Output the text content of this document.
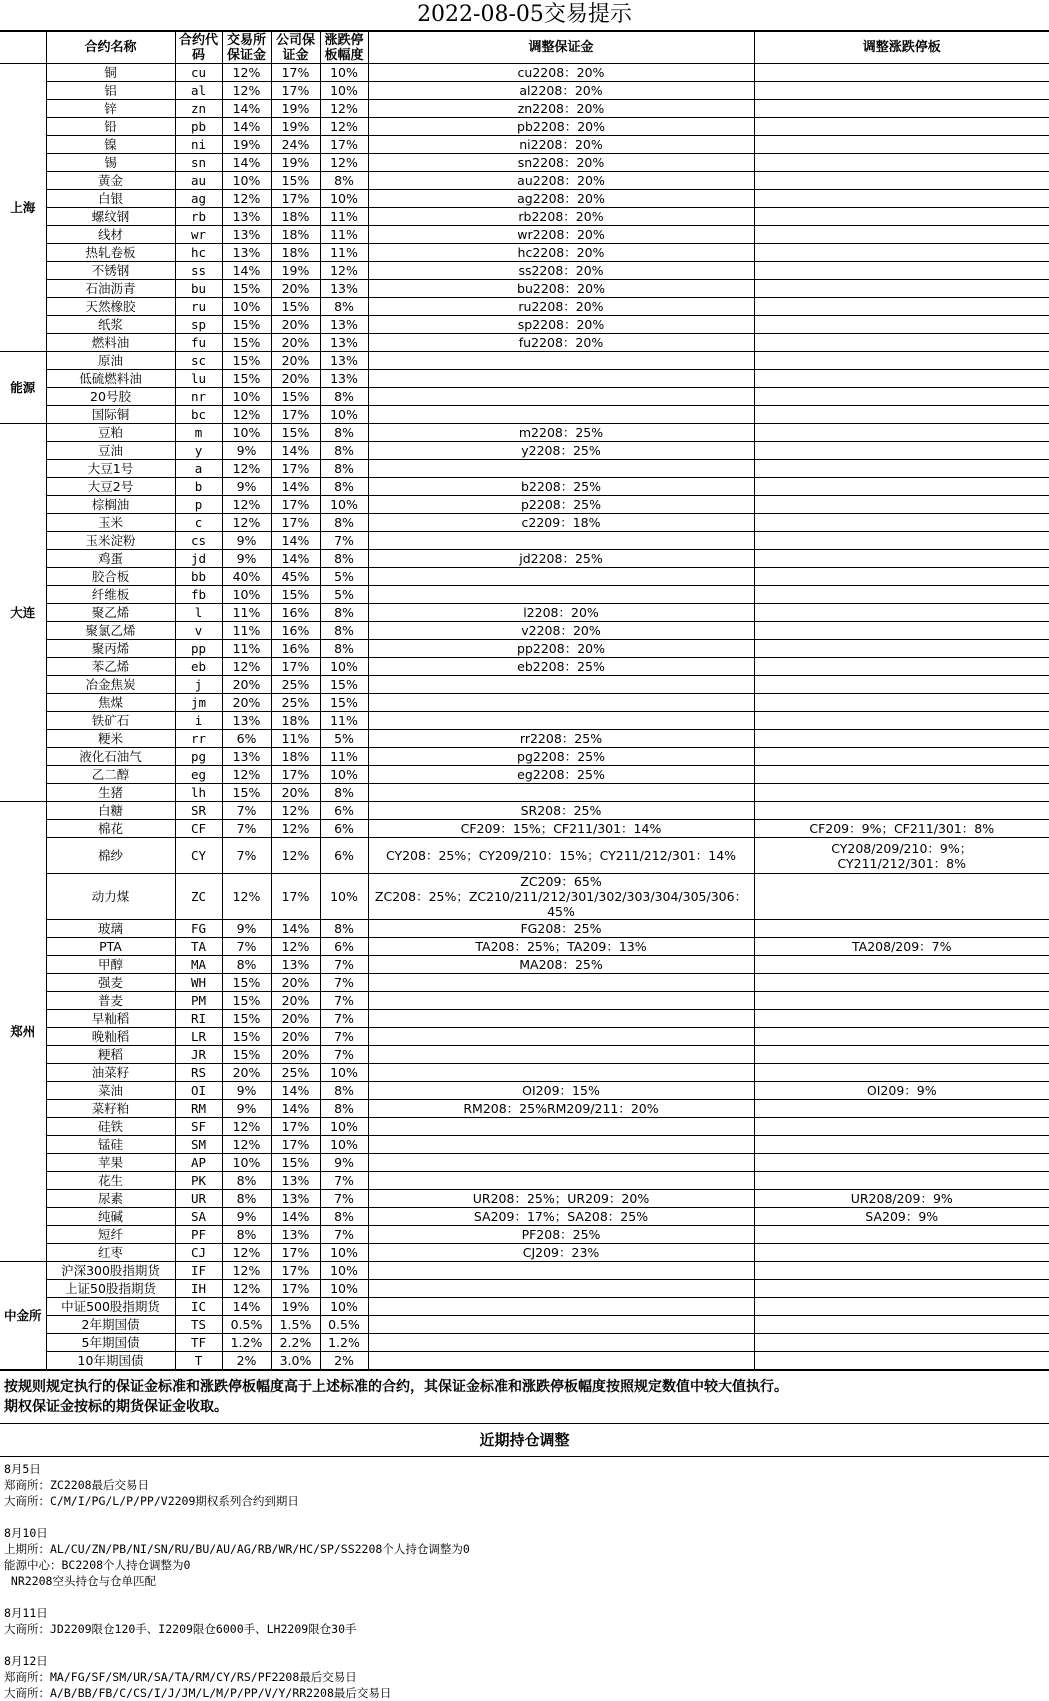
2022-08-05交易提示
	合约名称	合约代码	交易所保证金	公司保证金	涨跌停板幅度	调整保证金	调整涨跌停板
上海	铜	cu	12%	17%	10%	cu2208：20%	
	铝	al	12%	17%	10%	al2208：20%	
	锌	zn	14%	19%	12%	zn2208：20%	
	铅	pb	14%	19%	12%	pb2208：20%	
	镍	ni	19%	24%	17%	ni2208：20%	
	锡	sn	14%	19%	12%	sn2208：20%	
	黄金	au	10%	15%	8%	au2208：20%	
	白银	ag	12%	17%	10%	ag2208：20%	
	螺纹钢	rb	13%	18%	11%	rb2208：20%	
	线材	wr	13%	18%	11%	wr2208：20%	
	热轧卷板	hc	13%	18%	11%	hc2208：20%	
	不锈钢	ss	14%	19%	12%	ss2208：20%	
	石油沥青	bu	15%	20%	13%	bu2208：20%	
	天然橡胶	ru	10%	15%	8%	ru2208：20%	
	纸浆	sp	15%	20%	13%	sp2208：20%	
	燃料油	fu	15%	20%	13%	fu2208：20%	
能源	原油	sc	15%	20%	13%		
	低硫燃料油	lu	15%	20%	13%		
	20号胶	nr	10%	15%	8%		
	国际铜	bc	12%	17%	10%		
大连	豆粕	m	10%	15%	8%	m2208：25%	
	豆油	y	9%	14%	8%	y2208：25%	
	大豆1号	a	12%	17%	8%		
	大豆2号	b	9%	14%	8%	b2208：25%	
	棕榈油	p	12%	17%	10%	p2208：25%	
	玉米	c	12%	17%	8%	c2209：18%	
	玉米淀粉	cs	9%	14%	7%		
	鸡蛋	jd	9%	14%	8%	jd2208：25%	
	胶合板	bb	40%	45%	5%		
	纤维板	fb	10%	15%	5%		
	聚乙烯	l	11%	16%	8%	l2208：20%	
	聚氯乙烯	v	11%	16%	8%	v2208：20%	
	聚丙烯	pp	11%	16%	8%	pp2208：20%	
	苯乙烯	eb	12%	17%	10%	eb2208：25%	
	冶金焦炭	j	20%	25%	15%		
	焦煤	jm	20%	25%	15%		
	铁矿石	i	13%	18%	11%		
	粳米	rr	6%	11%	5%	rr2208：25%	
	液化石油气	pg	13%	18%	11%	pg2208：25%	
	乙二醇	eg	12%	17%	10%	eg2208：25%	
	生猪	lh	15%	20%	8%		
郑州	白糖	SR	7%	12%	6%	SR208：25%	
	棉花	CF	7%	12%	6%	CF209：15%；CF211/301：14%	CF209：9%；CF211/301：8%
	棉纱	CY	7%	12%	6%	CY208：25%；CY209/210：15%；CY211/212/301：14%	CY208/209/210：9%；
CY211/212/301：8%

	动力煤	ZC	12%	17%	10%	ZC209：65%
ZC208：25%；ZC210/211/212/301/302/303/304/305/306：45%	

	玻璃	FG	9%	14%	8%	FG208：25%	
	PTA	TA	7%	12%	6%	TA208：25%；TA209：13%	TA208/209：7%
	甲醇	MA	8%	13%	7%	MA208：25%	
	强麦	WH	15%	20%	7%		
	普麦	PM	15%	20%	7%		
	早籼稻	RI	15%	20%	7%		
	晚籼稻	LR	15%	20%	7%		
	粳稻	JR	15%	20%	7%		
	油菜籽	RS	20%	25%	10%		
	菜油	OI	9%	14%	8%	OI209：15%	OI209：9%
	菜籽粕	RM	9%	14%	8%	RM208：25%RM209/211：20%	
	硅铁	SF	12%	17%	10%		
	锰硅	SM	12%	17%	10%		
	苹果	AP	10%	15%	9%		
	花生	PK	8%	13%	7%		
	尿素	UR	8%	13%	7%	UR208：25%；UR209：20%	UR208/209：9%
	纯碱	SA	9%	14%	8%	SA209：17%；SA208：25%	SA209：9%
	短纤	PF	8%	13%	7%	PF208：25%	
	红枣	CJ	12%	17%	10%	CJ209：23%	
中金所	沪深300股指期货	IF	12%	17%	10%		
	上证50股指期货	IH	12%	17%	10%		
	中证500股指期货	IC	14%	19%	10%		
	2年期国债	TS	0.5%	1.5%	0.5%		
	5年期国债	TF	1.2%	2.2%	1.2%		
	10年期国债	T	2%	3.0%	2%		
按规则规定执行的保证金标准和涨跌停板幅度高于上述标准的合约，其保证金标准和涨跌停板幅度按照规定数值中较大值执行。
期权保证金按标的期货保证金收取。
近期持仓调整
8月5日
郑商所：ZC2208最后交易日
大商所：C/M/I/PG/L/P/PP/V2209期权系列合约到期日
8月10日
上期所：AL/CU/ZN/PB/NI/SN/RU/BU/AU/AG/RB/WR/HC/SP/SS2208个人持仓调整为0
能源中心：BC2208个人持仓调整为0
NR2208空头持仓与仓单匹配
8月11日
大商所：JD2209限仓120手、I2209限仓6000手、LH2209限仓30手
8月12日
郑商所：MA/FG/SF/SM/UR/SA/TA/RM/CY/RS/PF2208最后交易日
大商所：A/B/BB/FB/C/CS/I/J/JM/L/M/P/PP/V/Y/RR2208最后交易日
